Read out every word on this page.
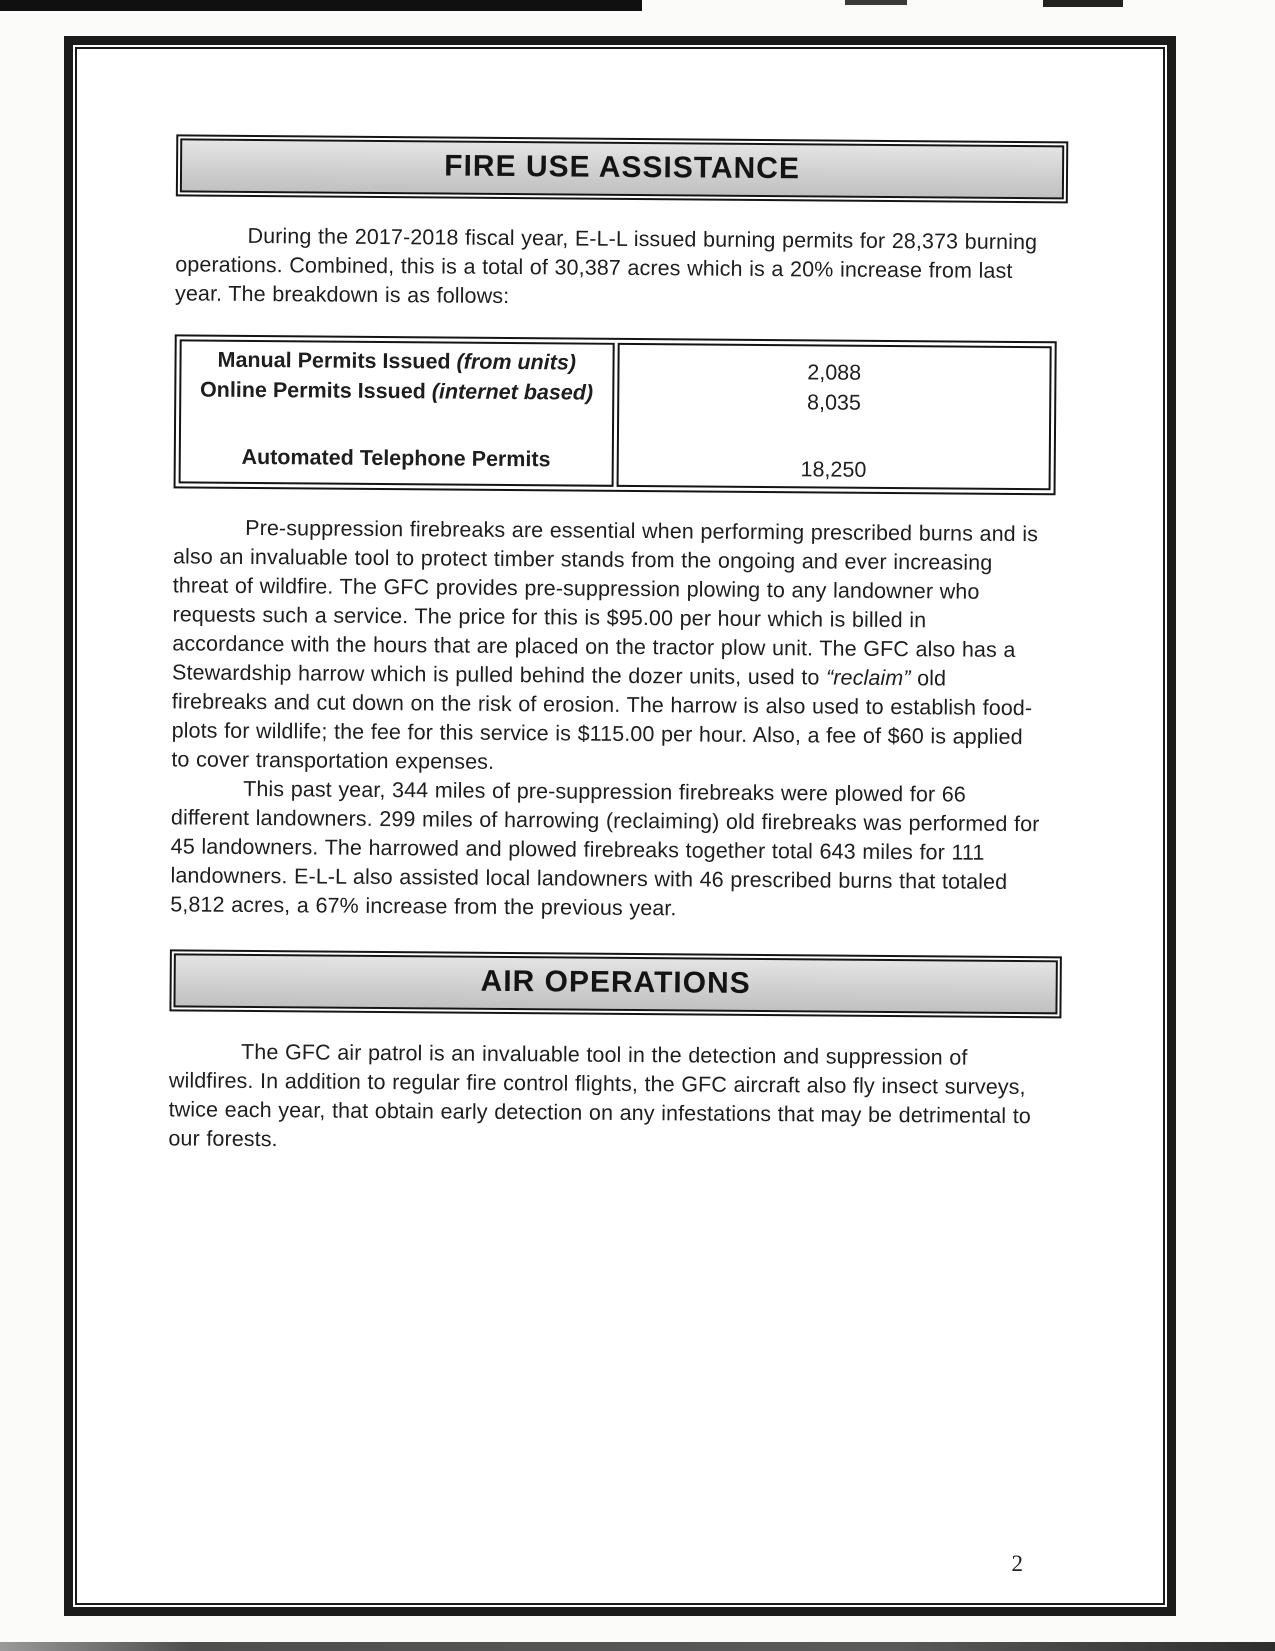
FIRE USE ASSISTANCE

During the 2017-2018 fiscal year, E-L-L issued burning permits for 28,373 burning operations. Combined, this is a total of 30,387 acres which is a 20% increase from last year. The breakdown is as follows:

Manual Permits Issued (from units)
Online Permits Issued (internet based)
Automated Telephone Permits
2,088
8,035
18,250

Pre-suppression firebreaks are essential when performing prescribed burns and is also an invaluable tool to protect timber stands from the ongoing and ever increasing threat of wildfire. The GFC provides pre-suppression plowing to any landowner who requests such a service. The price for this is $95.00 per hour which is billed in accordance with the hours that are placed on the tractor plow unit. The GFC also has a Stewardship harrow which is pulled behind the dozer units, used to “reclaim” old firebreaks and cut down on the risk of erosion. The harrow is also used to establish food-plots for wildlife; the fee for this service is $115.00 per hour. Also, a fee of $60 is applied to cover transportation expenses.

This past year, 344 miles of pre-suppression firebreaks were plowed for 66 different landowners. 299 miles of harrowing (reclaiming) old firebreaks was performed for 45 landowners. The harrowed and plowed firebreaks together total 643 miles for 111 landowners. E-L-L also assisted local landowners with 46 prescribed burns that totaled 5,812 acres, a 67% increase from the previous year.

AIR OPERATIONS

The GFC air patrol is an invaluable tool in the detection and suppression of wildfires. In addition to regular fire control flights, the GFC aircraft also fly insect surveys, twice each year, that obtain early detection on any infestations that may be detrimental to our forests.

2
